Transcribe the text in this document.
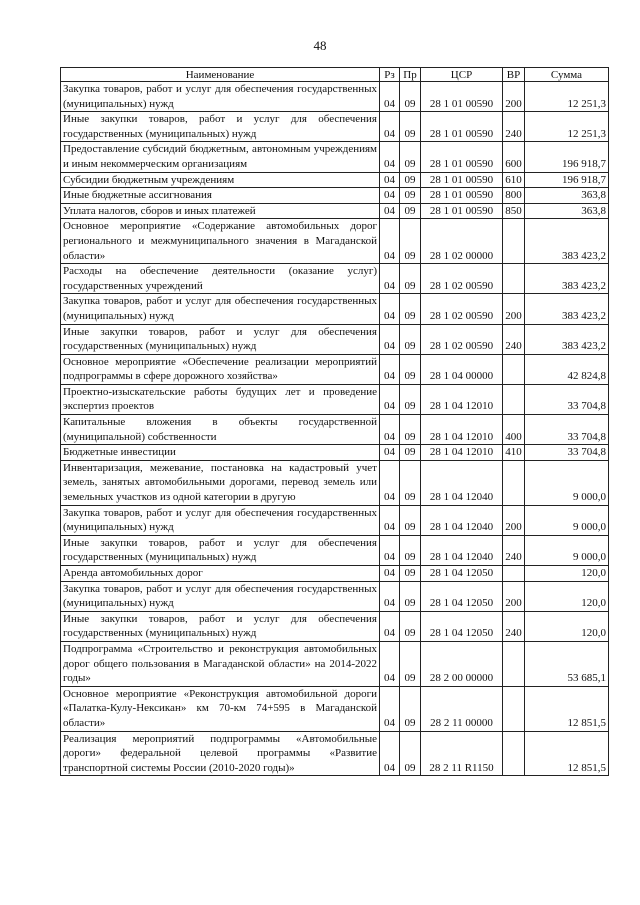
48
Наименование	Рз	Пр	ЦСР	ВР	Сумма
Закупка товаров, работ и услуг для обеспечения государственных (муниципальных) нужд	04	09	28 1 01 00590	200	12 251,3
Иные закупки товаров, работ и услуг для обеспечения государственных (муниципальных) нужд	04	09	28 1 01 00590	240	12 251,3
Предоставление субсидий бюджетным, автономным учреждениям и иным некоммерческим организациям	04	09	28 1 01 00590	600	196 918,7
Субсидии бюджетным учреждениям	04	09	28 1 01 00590	610	196 918,7
Иные бюджетные ассигнования	04	09	28 1 01 00590	800	363,8
Уплата налогов, сборов и иных платежей	04	09	28 1 01 00590	850	363,8
Основное мероприятие «Содержание автомобильных дорог регионального и межмуниципального значения в Магаданской области»	04	09	28 1 02 00000		383 423,2
Расходы на обеспечение деятельности (оказание услуг) государственных учреждений	04	09	28 1 02 00590		383 423,2
Закупка товаров, работ и услуг для обеспечения государственных (муниципальных) нужд	04	09	28 1 02 00590	200	383 423,2
Иные закупки товаров, работ и услуг для обеспечения государственных (муниципальных) нужд	04	09	28 1 02 00590	240	383 423,2
Основное мероприятие «Обеспечение реализации мероприятий подпрограммы в сфере дорожного хозяйства»	04	09	28 1 04 00000		42 824,8
Проектно-изыскательские работы будущих лет и проведение экспертиз проектов	04	09	28 1 04 12010		33 704,8
Капитальные вложения в объекты государственной (муниципальной) собственности	04	09	28 1 04 12010	400	33 704,8
Бюджетные инвестиции	04	09	28 1 04 12010	410	33 704,8
Инвентаризация, межевание, постановка на кадастровый учет земель, занятых автомобильными дорогами, перевод земель или земельных участков из одной категории в другую	04	09	28 1 04 12040		9 000,0
Закупка товаров, работ и услуг для обеспечения государственных (муниципальных) нужд	04	09	28 1 04 12040	200	9 000,0
Иные закупки товаров, работ и услуг для обеспечения государственных (муниципальных) нужд	04	09	28 1 04 12040	240	9 000,0
Аренда автомобильных дорог	04	09	28 1 04 12050		120,0
Закупка товаров, работ и услуг для обеспечения государственных (муниципальных) нужд	04	09	28 1 04 12050	200	120,0
Иные закупки товаров, работ и услуг для обеспечения государственных (муниципальных) нужд	04	09	28 1 04 12050	240	120,0
Подпрограмма «Строительство и реконструкция автомобильных дорог общего пользования в Магаданской области» на 2014-2022 годы»	04	09	28 2 00 00000		53 685,1
Основное мероприятие «Реконструкция автомобильной дороги «Палатка-Кулу-Нексикан» км 70-км 74+595 в Магаданской области»	04	09	28 2 11 00000		12 851,5
Реализация мероприятий подпрограммы «Автомобильные дороги» федеральной целевой программы «Развитие транспортной системы России (2010-2020 годы)»	04	09	28 2 11 R1150		12 851,5
